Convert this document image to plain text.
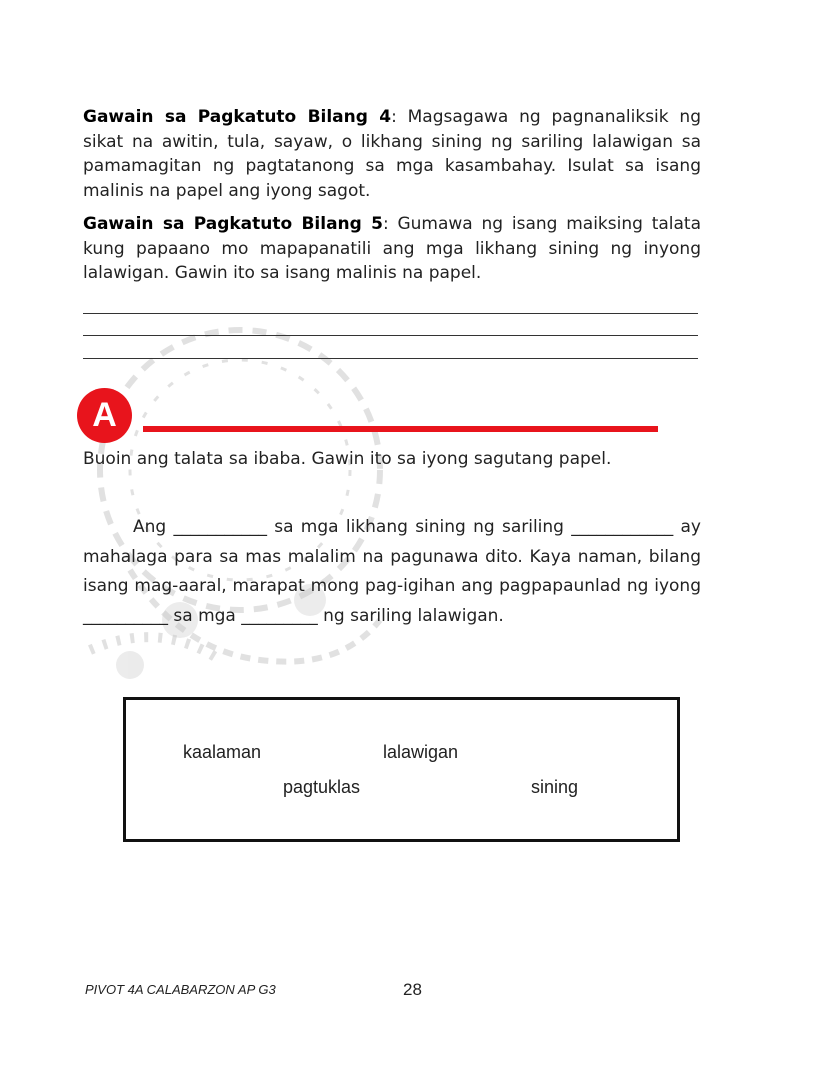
Gawain sa Pagkatuto Bilang 4: Magsagawa ng pagnanaliksik ng sikat na awitin, tula, sayaw, o likhang sining ng sariling lalawigan sa pamamagitan ng pagtatanong sa mga kasambahay. Isulat sa isang malinis na papel ang iyong sagot.

Gawain sa Pagkatuto Bilang 5: Gumawa ng isang maiksing talata kung papaano mo mapapanatili ang mga likhang sining ng inyong lalawigan. Gawin ito sa isang malinis na papel.

A
Buoin ang talata sa ibaba. Gawin ito sa iyong sagutang papel.

Ang ___________ sa mga likhang sining ng sariling ____________ ay mahalaga para sa mas malalim na pagunawa dito. Kaya naman, bilang isang mag-aaral, marapat mong pag-igihan ang pagpapaunlad ng iyong __________ sa mga _________ ng sariling lalawigan.

kaalaman	lalawigan
pagtuklas	sining
PIVOT 4A CALABARZON AP G3	28
